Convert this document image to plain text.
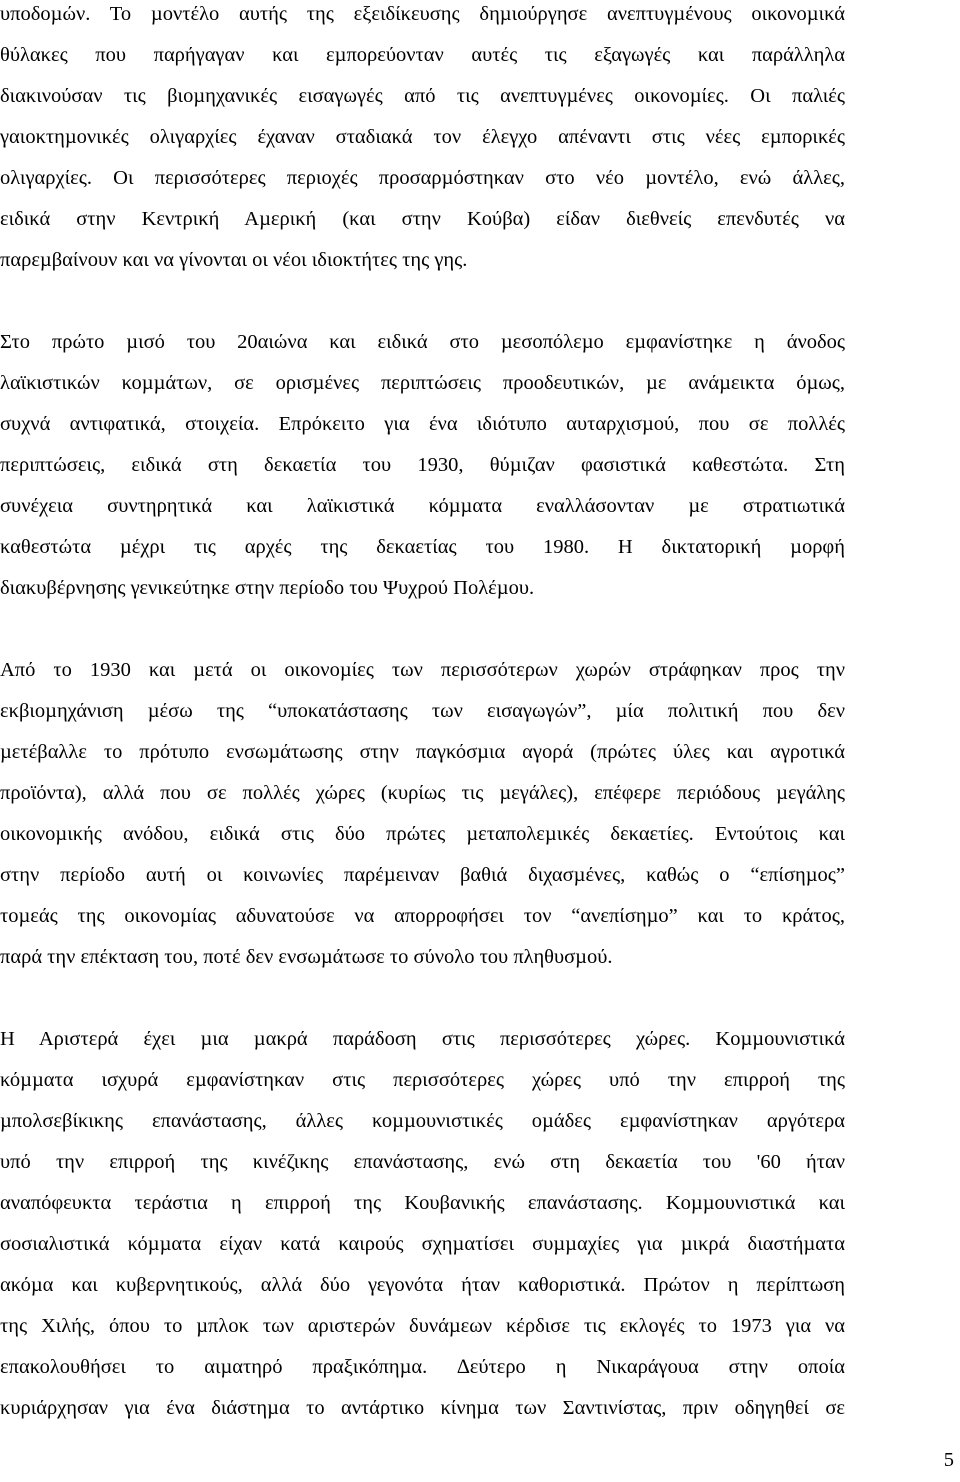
υποδοµών. Το µοντέλο αυτής της εξειδίκευσης δηµιούργησε ανεπτυγµένους οικονοµικά
θύλακες που παρήγαγαν και εµπορεύονταν αυτές τις εξαγωγές και παράλληλα
διακινούσαν τις βιοµηχανικές εισαγωγές από τις ανεπτυγµένες οικονοµίες. Οι παλιές
γαιοκτηµονικές ολιγαρχίες έχαναν σταδιακά τον έλεγχο απέναντι στις νέες εµπορικές
ολιγαρχίες. Οι περισσότερες περιοχές προσαρµόστηκαν στο νέο µοντέλο, ενώ άλλες,
ειδικά στην Κεντρική Αµερική (και στην Κούβα) είδαν διεθνείς επενδυτές να
παρεµβαίνουν και να γίνονται οι νέοι ιδιοκτήτες της γης.
Στο πρώτο µισό του 20αιώνα και ειδικά στο µεσοπόλεµο εµφανίστηκε η άνοδος
λαϊκιστικών κοµµάτων, σε ορισµένες περιπτώσεις προοδευτικών, µε ανάµεικτα όµως,
συχνά αντιφατικά, στοιχεία. Επρόκειτο για ένα ιδιότυπο αυταρχισµού, που σε πολλές
περιπτώσεις, ειδικά στη δεκαετία του 1930, θύµιζαν φασιστικά καθεστώτα. Στη
συνέχεια συντηρητικά και λαϊκιστικά κόµµατα εναλλάσονταν µε στρατιωτικά
καθεστώτα µέχρι τις αρχές της δεκαετίας του 1980. Η δικτατορική µορφή
διακυβέρνησης γενικεύτηκε στην περίοδο του Ψυχρού Πολέµου.
Από το 1930 και µετά οι οικονοµίες των περισσότερων χωρών στράφηκαν προς την
εκβιοµηχάνιση µέσω της “υποκατάστασης των εισαγωγών”, µία πολιτική που δεν
µετέβαλλε το πρότυπο ενσωµάτωσης στην παγκόσµια αγορά (πρώτες ύλες και αγροτικά
προϊόντα), αλλά που σε πολλές χώρες (κυρίως τις µεγάλες), επέφερε περιόδους µεγάλης
οικονοµικής ανόδου, ειδικά στις δύο πρώτες µεταπολεµικές δεκαετίες. Εντούτοις και
στην περίοδο αυτή οι κοινωνίες παρέµειναν βαθιά διχασµένες, καθώς ο “επίσηµος”
τοµεάς της οικονοµίας αδυνατούσε να απορροφήσει τον “ανεπίσηµο” και το κράτος,
παρά την επέκταση του, ποτέ δεν ενσωµάτωσε το σύνολο του πληθυσµού.
Η Αριστερά έχει µια µακρά παράδοση στις περισσότερες χώρες. Κοµµουνιστικά
κόµµατα ισχυρά εµφανίστηκαν στις περισσότερες χώρες υπό την επιρροή της
µπολσεβίκικης επανάστασης, άλλες κοµµουνιστικές οµάδες εµφανίστηκαν αργότερα
υπό την επιρροή της κινέζικης επανάστασης, ενώ στη δεκαετία του '60 ήταν
αναπόφευκτα τεράστια η επιρροή της Κουβανικής επανάστασης. Κοµµουνιστικά και
σοσιαλιστικά κόµµατα είχαν κατά καιρούς σχηµατίσει συµµαχίες για µικρά διαστήµατα
ακόµα και κυβερνητικούς, αλλά δύο γεγονότα ήταν καθοριστικά. Πρώτον η περίπτωση
της Χιλής, όπου το µπλοκ των αριστερών δυνάµεων κέρδισε τις εκλογές το 1973 για να
επακολουθήσει το αιµατηρό πραξικόπηµα. ∆εύτερο η Νικαράγουα στην οποία
κυριάρχησαν για ένα διάστηµα το αντάρτικο κίνηµα των Σαντινίστας, πριν οδηγηθεί σε
5
